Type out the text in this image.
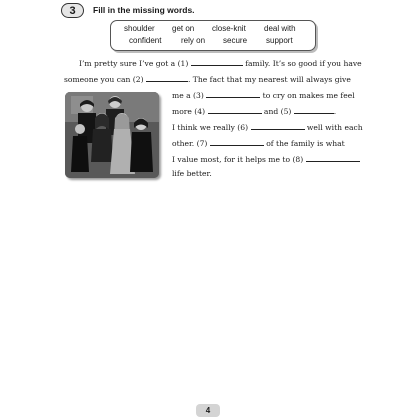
3	Fill in the missing words.
shoulder get on close-knit deal with
confident rely on secure support
I’m pretty sure I’ve got a (1)	family. It’s so good if you have
someone you can (2)	. The fact that my nearest will always give
me a (3)	to cry on makes me feel
more (4)	and (5)	.
I think we really (6)	well with each
other. (7)	of the family is what
I value most, for it helps me to (8)
life better.
4
